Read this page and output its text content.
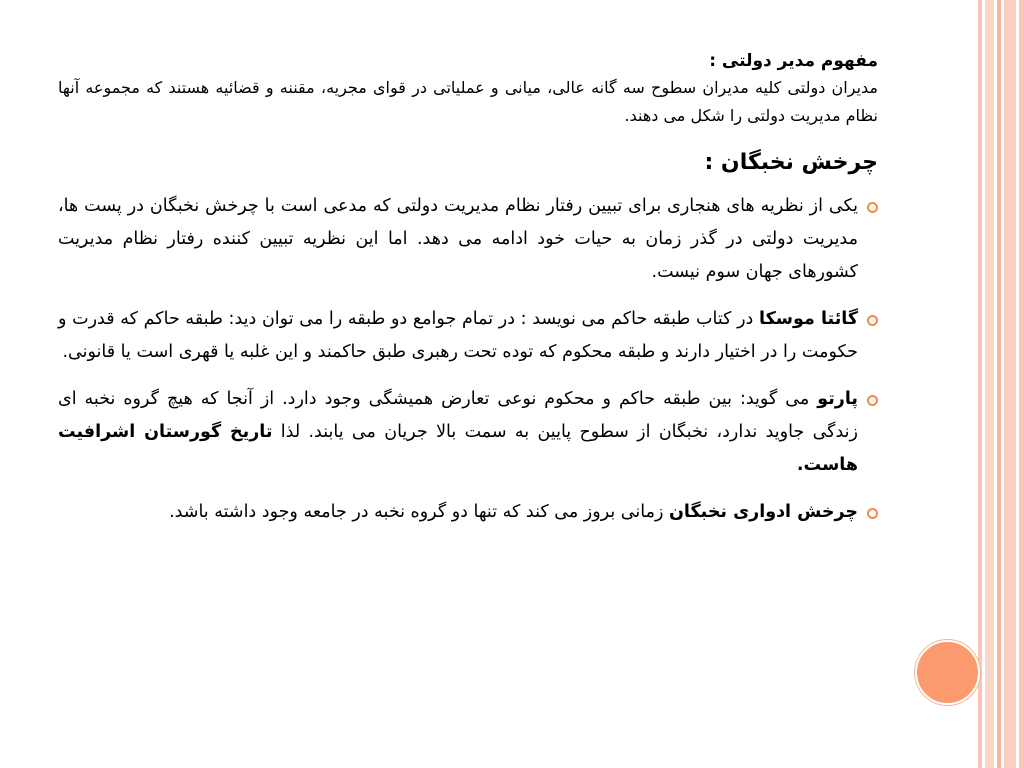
مفهوم مدیر دولتی :

مدیران دولتی کلیه مدیران سطوح سه گانه عالی، میانی و عملیاتی در قوای مجریه، مقننه و قضائیه هستند که مجموعه آنها نظام مدیریت دولتی را شکل می دهند.

چرخش نخبگان :

یکی از نظریه های هنجاری برای تبیین رفتار نظام مدیریت دولتی که مدعی است با چرخش نخبگان در پست ها، مدیریت دولتی در گذر زمان به حیات خود ادامه می دهد. اما این نظریه تبیین کننده رفتار نظام مدیریت کشورهای جهان سوم نیست.

گائتا موسکا در کتاب طبقه حاکم می نویسد : در تمام جوامع دو طبقه را می توان دید: طبقه حاکم که قدرت و حکومت را در اختیار دارند و طبقه محکوم که توده تحت رهبری طبق حاکمند و این غلبه یا قهری است یا قانونی.

پارتو می گوید: بین طبقه حاکم و محکوم نوعی تعارض همیشگی وجود دارد. از آنجا که هیچ گروه نخبه ای زندگی جاوید ندارد، نخبگان از سطوح پایین به سمت بالا جریان می یابند. لذا تاریخ گورستان اشرافیت هاست.

چرخش ادواری نخبگان زمانی بروز می کند که تنها دو گروه نخبه در جامعه وجود داشته باشد.
